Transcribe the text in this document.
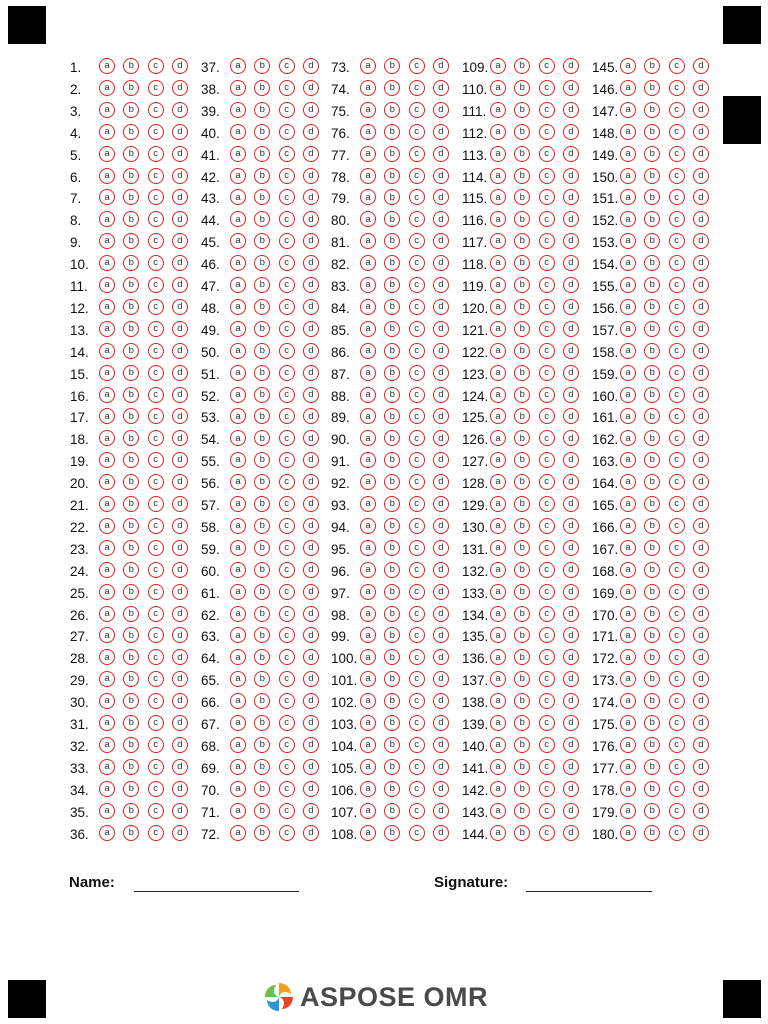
1.	a	b	c	d
2.	a	b	c	d
3.	a	b	c	d
4.	a	b	c	d
5.	a	b	c	d
6.	a	b	c	d
7.	a	b	c	d
8.	a	b	c	d
9.	a	b	c	d
10.	a	b	c	d
11.	a	b	c	d
12.	a	b	c	d
13.	a	b	c	d
14.	a	b	c	d
15.	a	b	c	d
16.	a	b	c	d
17.	a	b	c	d
18.	a	b	c	d
19.	a	b	c	d
20.	a	b	c	d
21.	a	b	c	d
22.	a	b	c	d
23.	a	b	c	d
24.	a	b	c	d
25.	a	b	c	d
26.	a	b	c	d
27.	a	b	c	d
28.	a	b	c	d
29.	a	b	c	d
30.	a	b	c	d
31.	a	b	c	d
32.	a	b	c	d
33.	a	b	c	d
34.	a	b	c	d
35.	a	b	c	d
36.	a	b	c	d
37.	a	b	c	d
38.	a	b	c	d
39.	a	b	c	d
40.	a	b	c	d
41.	a	b	c	d
42.	a	b	c	d
43.	a	b	c	d
44.	a	b	c	d
45.	a	b	c	d
46.	a	b	c	d
47.	a	b	c	d
48.	a	b	c	d
49.	a	b	c	d
50.	a	b	c	d
51.	a	b	c	d
52.	a	b	c	d
53.	a	b	c	d
54.	a	b	c	d
55.	a	b	c	d
56.	a	b	c	d
57.	a	b	c	d
58.	a	b	c	d
59.	a	b	c	d
60.	a	b	c	d
61.	a	b	c	d
62.	a	b	c	d
63.	a	b	c	d
64.	a	b	c	d
65.	a	b	c	d
66.	a	b	c	d
67.	a	b	c	d
68.	a	b	c	d
69.	a	b	c	d
70.	a	b	c	d
71.	a	b	c	d
72.	a	b	c	d
73.	a	b	c	d
74.	a	b	c	d
75.	a	b	c	d
76.	a	b	c	d
77.	a	b	c	d
78.	a	b	c	d
79.	a	b	c	d
80.	a	b	c	d
81.	a	b	c	d
82.	a	b	c	d
83.	a	b	c	d
84.	a	b	c	d
85.	a	b	c	d
86.	a	b	c	d
87.	a	b	c	d
88.	a	b	c	d
89.	a	b	c	d
90.	a	b	c	d
91.	a	b	c	d
92.	a	b	c	d
93.	a	b	c	d
94.	a	b	c	d
95.	a	b	c	d
96.	a	b	c	d
97.	a	b	c	d
98.	a	b	c	d
99.	a	b	c	d
100. a	b	c	d
101. a	b	c	d
102. a	b	c	d
103. a	b	c	d
104. a	b	c	d
105. a	b	c	d
106. a	b	c	d
107. a	b	c	d
108. a	b	c	d
109. a	b	c	d
110. a	b	c	d
111. a	b	c	d
112. a	b	c	d
113. a	b	c	d
114. a	b	c	d
115. a	b	c	d
116. a	b	c	d
117. a	b	c	d
118. a	b	c	d
119. a	b	c	d
120. a	b	c	d
121. a	b	c	d
122. a	b	c	d
123. a	b	c	d
124. a	b	c	d
125. a	b	c	d
126. a	b	c	d
127. a	b	c	d
128. a	b	c	d
129. a	b	c	d
130. a	b	c	d
131. a	b	c	d
132. a	b	c	d
133. a	b	c	d
134. a	b	c	d
135. a	b	c	d
136. a	b	c	d
137. a	b	c	d
138. a	b	c	d
139. a	b	c	d
140. a	b	c	d
141. a	b	c	d
142. a	b	c	d
143. a	b	c	d
144. a	b	c	d
145. a	b	c	d
146. a	b	c	d
147. a	b	c	d
148. a	b	c	d
149. a	b	c	d
150. a	b	c	d
151. a	b	c	d
152. a	b	c	d
153. a	b	c	d
154. a	b	c	d
155. a	b	c	d
156. a	b	c	d
157. a	b	c	d
158. a	b	c	d
159. a	b	c	d
160. a	b	c	d
161. a	b	c	d
162. a	b	c	d
163. a	b	c	d
164. a	b	c	d
165. a	b	c	d
166. a	b	c	d
167. a	b	c	d
168. a	b	c	d
169. a	b	c	d
170. a	b	c	d
171. a	b	c	d
172. a	b	c	d
173. a	b	c	d
174. a	b	c	d
175. a	b	c	d
176. a	b	c	d
177. a	b	c	d
178. a	b	c	d
179. a	b	c	d
180. a	b	c	d
Name:	Signature:
ASPOSE OMR
